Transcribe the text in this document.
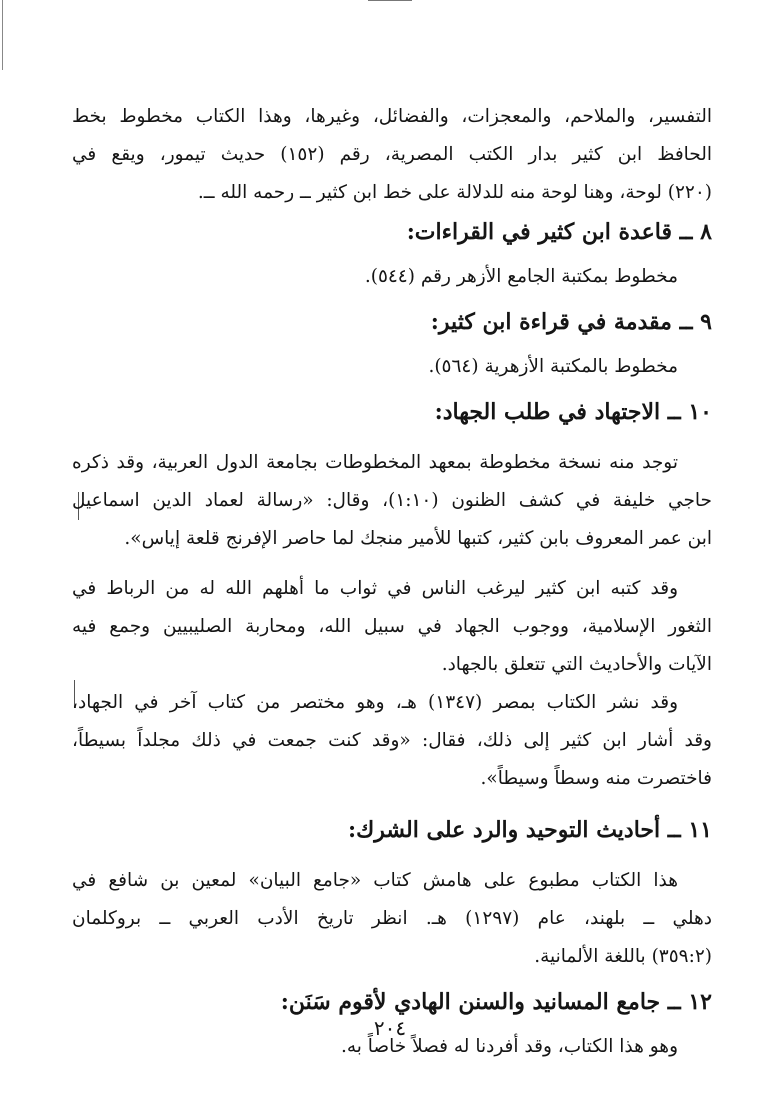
التفسير، والملاحم، والمعجزات، والفضائل، وغيرها، وهذا الكتاب مخطوط بخط
الحافظ ابن كثير بدار الكتب المصرية، رقم (١٥٢) حديث تيمور، ويقع في
(٢٢٠) لوحة، وهنا لوحة منه للدلالة على خط ابن كثير ــ رحمه الله ــ.

٨ ــ قاعدة ابن كثير في القراءات:

مخطوط بمكتبة الجامع الأزهر رقم (٥٤٤).

٩ ــ مقدمة في قراءة ابن كثير:

مخطوط بالمكتبة الأزهرية (٥٦٤).

١٠ ــ الاجتهاد في طلب الجهاد:

توجد منه نسخة مخطوطة بمعهد المخطوطات بجامعة الدول العربية، وقد ذكره
حاجي خليفة في كشف الظنون (١:١٠)، وقال: «رسالة لعماد الدين اسماعيل
ابن عمر المعروف بابن كثير، كتبها للأمير منجك لما حاصر الإفرنج قلعة إياس».

وقد كتبه ابن كثير ليرغب الناس في ثواب ما أهلهم الله له من الرباط في
الثغور الإسلامية، ووجوب الجهاد في سبيل الله، ومحاربة الصليبيين وجمع فيه
الآيات والأحاديث التي تتعلق بالجهاد.

وقد نشر الكتاب بمصر (١٣٤٧) هـ، وهو مختصر من كتاب آخر في الجهاد،
وقد أشار ابن كثير إلى ذلك، فقال: «وقد كنت جمعت في ذلك مجلداً بسيطاً،
فاختصرت منه وسطاً وسيطاً».

١١ ــ أحاديث التوحيد والرد على الشرك:

هذا الكتاب مطبوع على هامش كتاب «جامع البيان» لمعين بن شافع في
دهلي ــ بلهند، عام (١٢٩٧) هـ. انظر تاريخ الأدب العربي ــ بروكلمان
(٣٥٩:٢) باللغة الألمانية.

١٢ ــ جامع المسانيد والسنن الهادي لأقوم سَنَن:

وهو هذا الكتاب، وقد أفردنا له فصلاً خاصاً به.

٢٠٤
